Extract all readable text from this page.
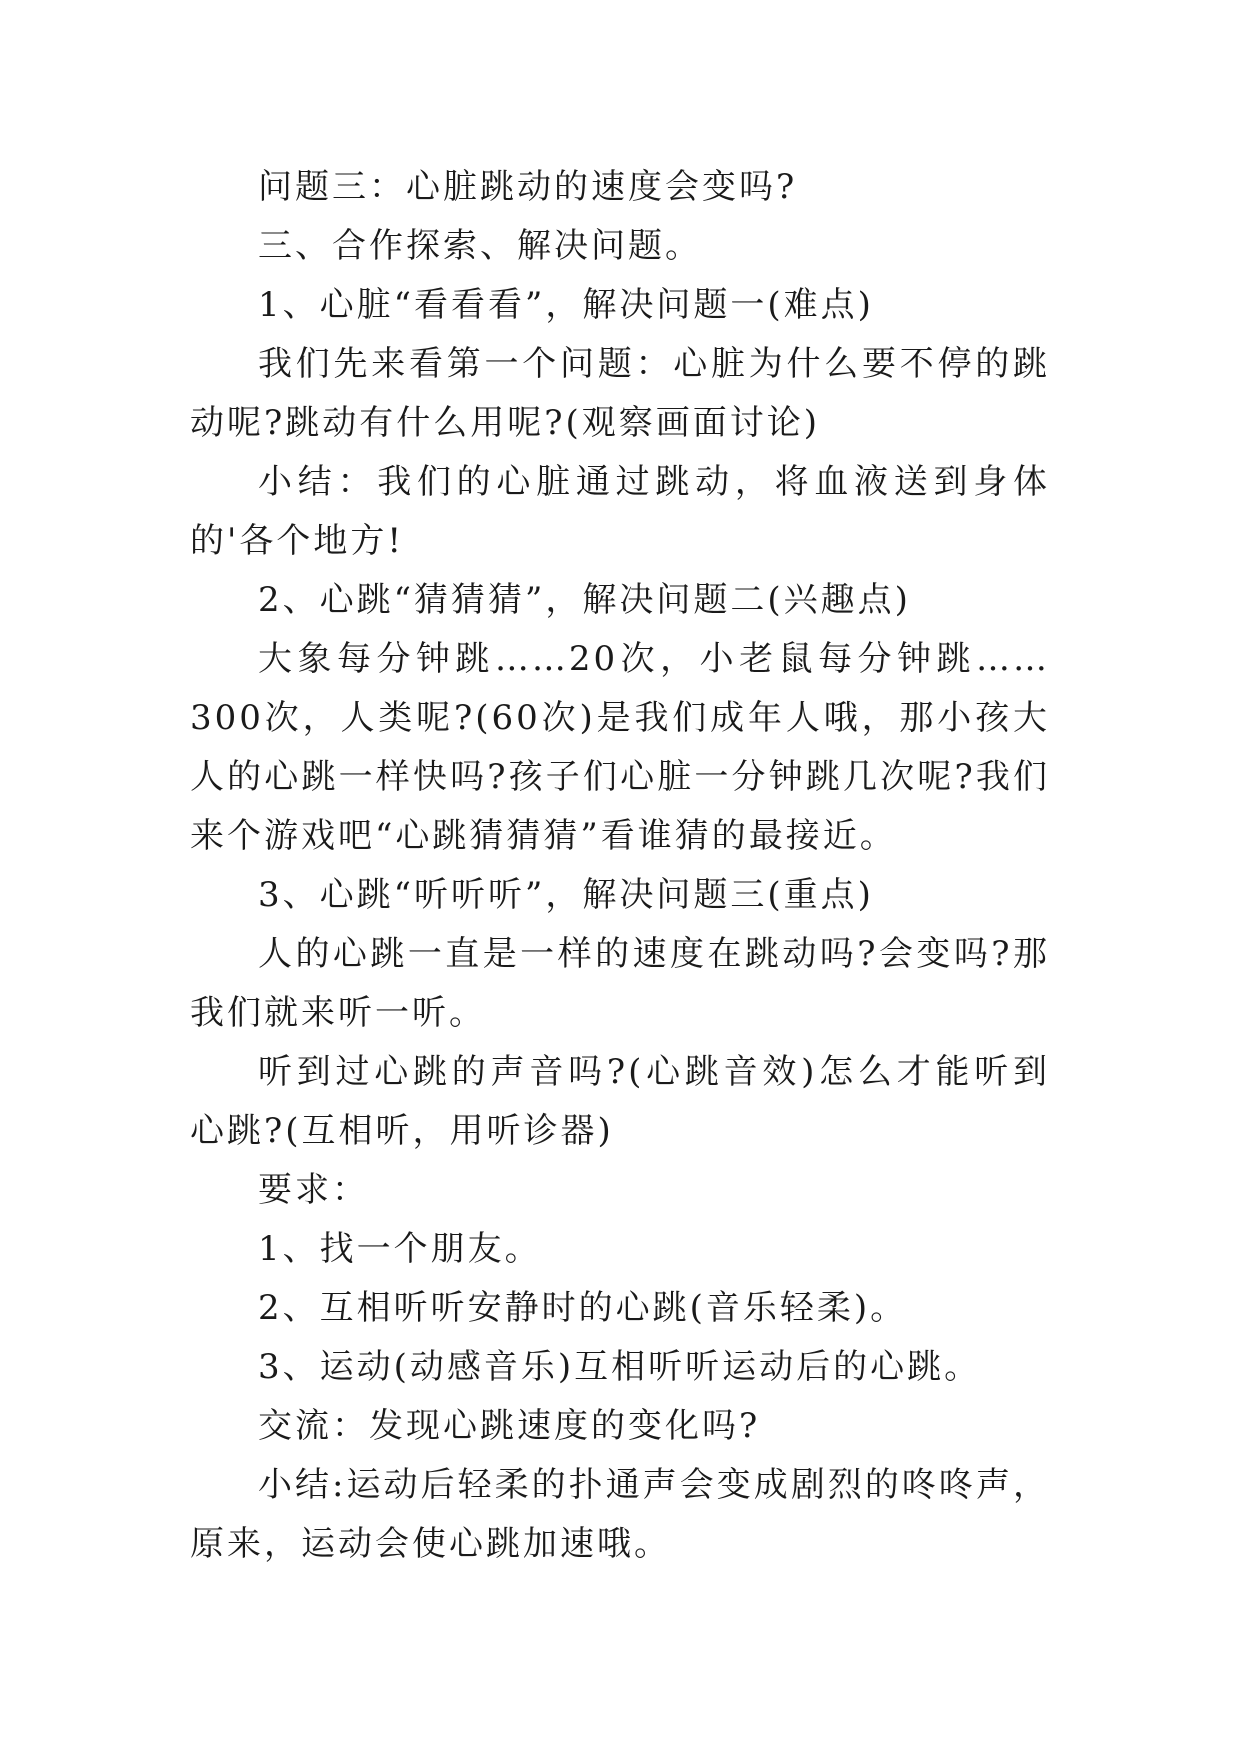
问题三：心脏跳动的速度会变吗?

三、合作探索、解决问题。

1、心脏“看看看”，解决问题一(难点)

我们先来看第一个问题：心脏为什么要不停的跳动呢?跳动有什么用呢?(观察画面讨论)

小结：我们的心脏通过跳动，将血液送到身体的'各个地方!

2、心跳“猜猜猜”，解决问题二(兴趣点)

大象每分钟跳……20次，小老鼠每分钟跳……300次，人类呢?(60次)是我们成年人哦，那小孩大人的心跳一样快吗?孩子们心脏一分钟跳几次呢?我们来个游戏吧“心跳猜猜猜”看谁猜的最接近。

3、心跳“听听听”，解决问题三(重点)

人的心跳一直是一样的速度在跳动吗?会变吗?那我们就来听一听。

听到过心跳的声音吗?(心跳音效)怎么才能听到心跳?(互相听，用听诊器)

要求：

1、找一个朋友。

2、互相听听安静时的心跳(音乐轻柔)。

3、运动(动感音乐)互相听听运动后的心跳。

交流：发现心跳速度的变化吗?

小结:运动后轻柔的扑通声会变成剧烈的咚咚声，原来，运动会使心跳加速哦。
